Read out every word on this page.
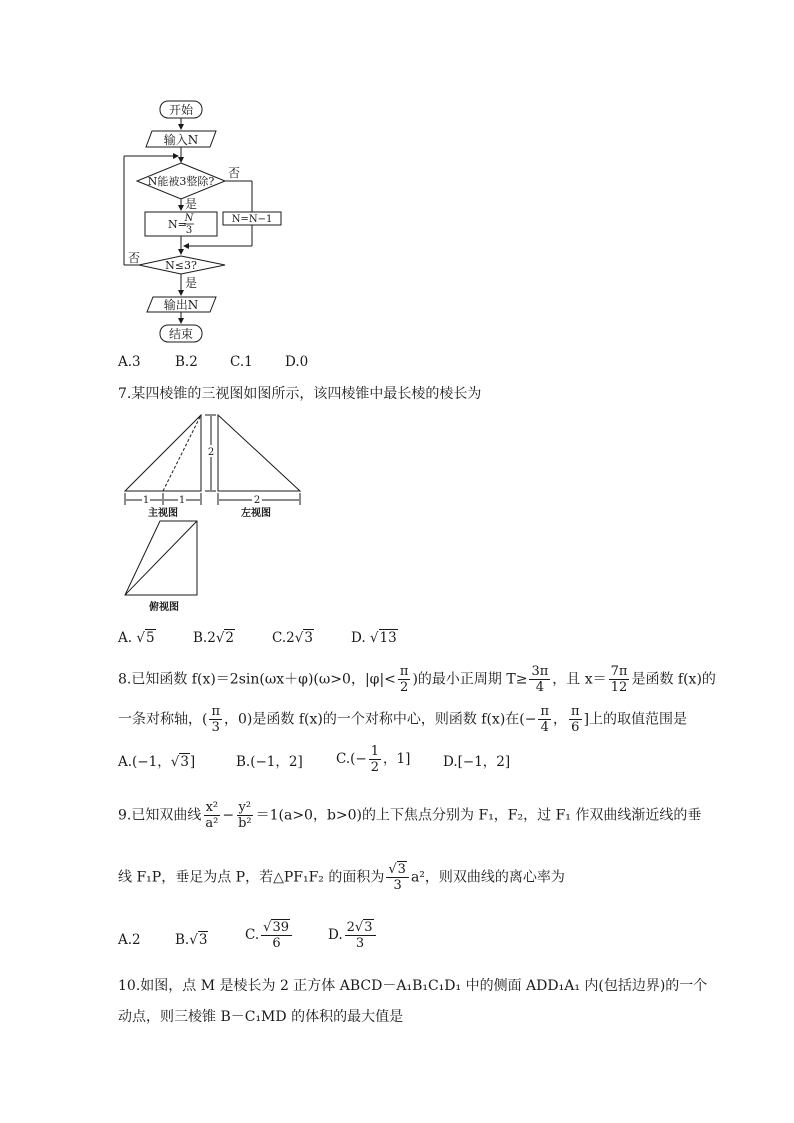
开始
输入N
N能被3整除?
否
是
N=
N
3
N=N−1
N≤3?
否
是
输出N
结束
A.3	B.2 C.1 D.0
7.某四棱锥的三视图如图所示，该四棱锥中最长棱的棱长为
1	1
2
2
主视图	左视图
俯视图
A. √5	B.2√2	C.2√3	D. √13
8.已知函数 f(x)＝2sin(ωx＋φ)(ω>0，$|\varphi|< \frac{\pi}{2}$ )的最小正周期 $T\ge \frac{3\pi}{4}$ ，且 $x= \frac{7\pi}{12}$ 是函数 f(x)的
一条对称轴，( $\frac{\pi}{3}$ ，0)是函数 f(x)的一个对称中心，则函数 f(x)在(− $\frac{\pi}{4}$ ， $\frac{\pi}{6}$ ]上的取值范围是
A.(−1，√3]	B.(−1，2] $C.(- \frac{1}{2}$ ，1] D.[−1，2]
9.已知双曲线 $\frac{\text{x²}}{\text{a²}} - \frac{\text{y²}}{\text{b²}} =1(a>0$，b>0)的上下焦点分别为 F₁，F₂，过 F₁ 作双曲线渐近线的垂
线 F₁P，垂足为点 P，若△PF₁F₂ 的面积为 $\frac{√3}{3} a^2$，则双曲线的离心率为
A.2	B.√3	C. $\frac{√39}{6}$	D. $\frac{2√3}{3}$
10.如图，点 M 是棱长为 2 正方体 ABCD－A₁B₁C₁D₁ 中的侧面 ADD₁A₁ 内(包括边界)的一个
动点，则三棱锥 B－C₁MD 的体积的最大值是
